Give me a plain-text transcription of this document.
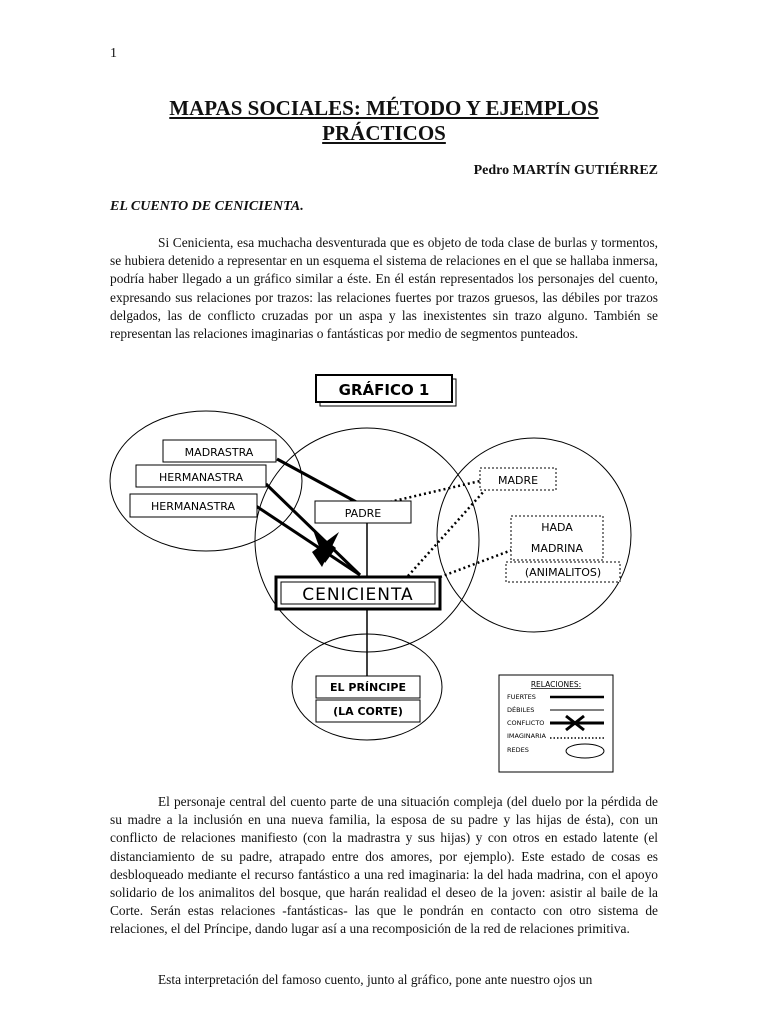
1
MAPAS SOCIALES: MÉTODO Y EJEMPLOS
PRÁCTICOS
Pedro MARTÍN GUTIÉRREZ
EL CUENTO DE CENICIENTA.

Si Cenicienta, esa muchacha desventurada que es objeto de toda clase de burlas y tormentos, se hubiera detenido a representar en un esquema el sistema de relaciones en el que se hallaba inmersa, podría haber llegado a un gráfico similar a éste. En él están representados los personajes del cuento, expresando sus relaciones por trazos: las relaciones fuertes por trazos gruesos, las débiles por trazos delgados, las de conflicto cruzadas por un aspa y las inexistentes sin trazo alguno. También se representan las relaciones imaginarias o fantásticas por medio de segmentos punteados.

GRÁFICO 1
MADRASTRA
HERMANASTRA
HERMANASTRA
PADRE
MADRE
HADA
MADRINA
(ANIMALITOS)
CENICIENTA
EL PRÍNCIPE
(LA CORTE)
RELACIONES:
FUERTES
DÉBILES
CONFLICTO
IMAGINARIA
REDES

El personaje central del cuento parte de una situación compleja (del duelo por la pérdida de su madre a la inclusión en una nueva familia, la esposa de su padre y las hijas de ésta), con un conflicto de relaciones manifiesto (con la madrastra y sus hijas) y con otros en estado latente (el distanciamiento de su padre, atrapado entre dos amores, por ejemplo). Este estado de cosas es desbloqueado mediante el recurso fantástico a una red imaginaria: la del hada madrina, con el apoyo solidario de los animalitos del bosque, que harán realidad el deseo de la joven: asistir al baile de la Corte. Serán estas relaciones -fantásticas- las que le pondrán en contacto con otro sistema de relaciones, el del Príncipe, dando lugar así a una recomposición de la red de relaciones primitiva.

Esta interpretación del famoso cuento, junto al gráfico, pone ante nuestro ojos un
